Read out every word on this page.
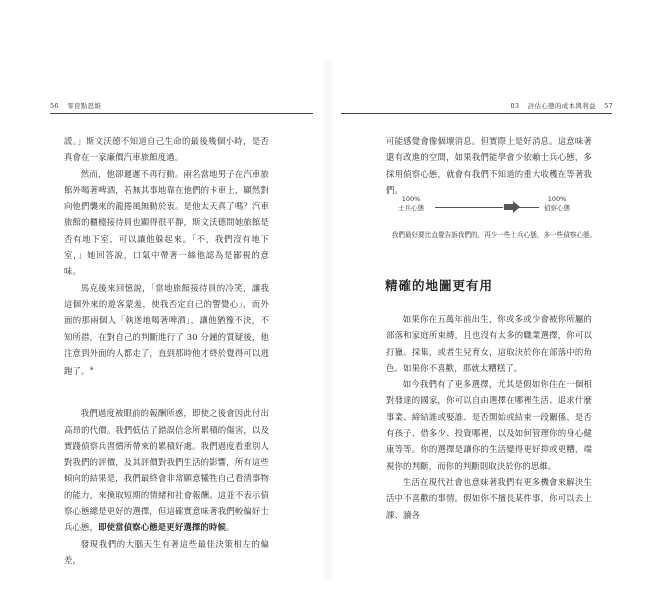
56 零盲點思維

謊。」斯文沃德不知道自己生命的最後幾個小時，是否真會在一家廉價汽車旅館度過。

然而，他卻遲遲不再行動。兩名當地男子在汽車旅館外喝著啤酒，若無其事地靠在他們的卡車上，顯然對向他們襲來的龍捲風無動於衷。是他太天真了嗎？汽車旅館的櫃檯接待員也顯得很平靜，斯文沃德問她旅館是否有地下室，可以讓他躲起來。「不，我們沒有地下室，」她回答說，口氣中帶著一絲他認為是鄙視的意味。

馬克後來回憶說，「當地旅館接待員的冷笑，讓我這個外來的遊客蒙羞，使我否定自己的警覺心」，而外面的那兩個人「執迷地喝著啤酒」，讓他猶豫不決，不知所措，在對自己的判斷進行了 30 分鐘的質疑後，他注意到外面的人都走了，直到那時他才終於覺得可以逃跑了。※

我們過度被眼前的報酬所惑，即使之後會因此付出高昂的代價。我們低估了錯誤信念所累積的傷害，以及實踐偵察兵習慣所帶來的累積好處。我們過度看重別人對我們的評價，及其評價對我們生活的影響，所有這些傾向的結果是，我們最終會非常願意犧牲自己看清事物的能力，來換取短期的情緒和社會報酬。這並不表示偵察心態總是更好的選擇，但這確實意味著我們較偏好士兵心態，即使當偵察心態是更好選擇的時候。

發現我們的大腦天生有著這些最佳決策相左的偏差，

03 評估心態的成本與利益 57

可能感覺會像個壞消息。但實際上是好消息。這意味著還有改進的空間，如果我們能學會少依賴士兵心態，多採用偵察心態，就會有我們不知道的重大收穫在等著我們。

100%
士兵心態
100%
偵察心態
我們最好要比直覺告訴我們的，再少一些士兵心態，多一些偵察心態。
精確的地圖更有用

如果你在五萬年前出生，你或多或少會被你所屬的部落和家庭所束縛，且也沒有太多的職業選擇，你可以打獵、採集，或者生兒育女，這取決於你在部落中的角色。如果你不喜歡，那就太糟糕了。

如今我們有了更多選擇，尤其是假如你住在一個相對發達的國家，你可以自由選擇在哪裡生活、追求什麼事業、締結誰或娶誰、是否開始或結束一段關係、是否有孩子、借多少、投資哪裡，以及如何管理你的身心健康等等。你的選擇是讓你的生活變得更好抑或更糟，端視你的判斷，而你的判斷則取決於你的思維。

生活在現代社會也意味著我們有更多機會來解決生活中不喜歡的事情。假如你不擅長某件事，你可以去上課、讀各
